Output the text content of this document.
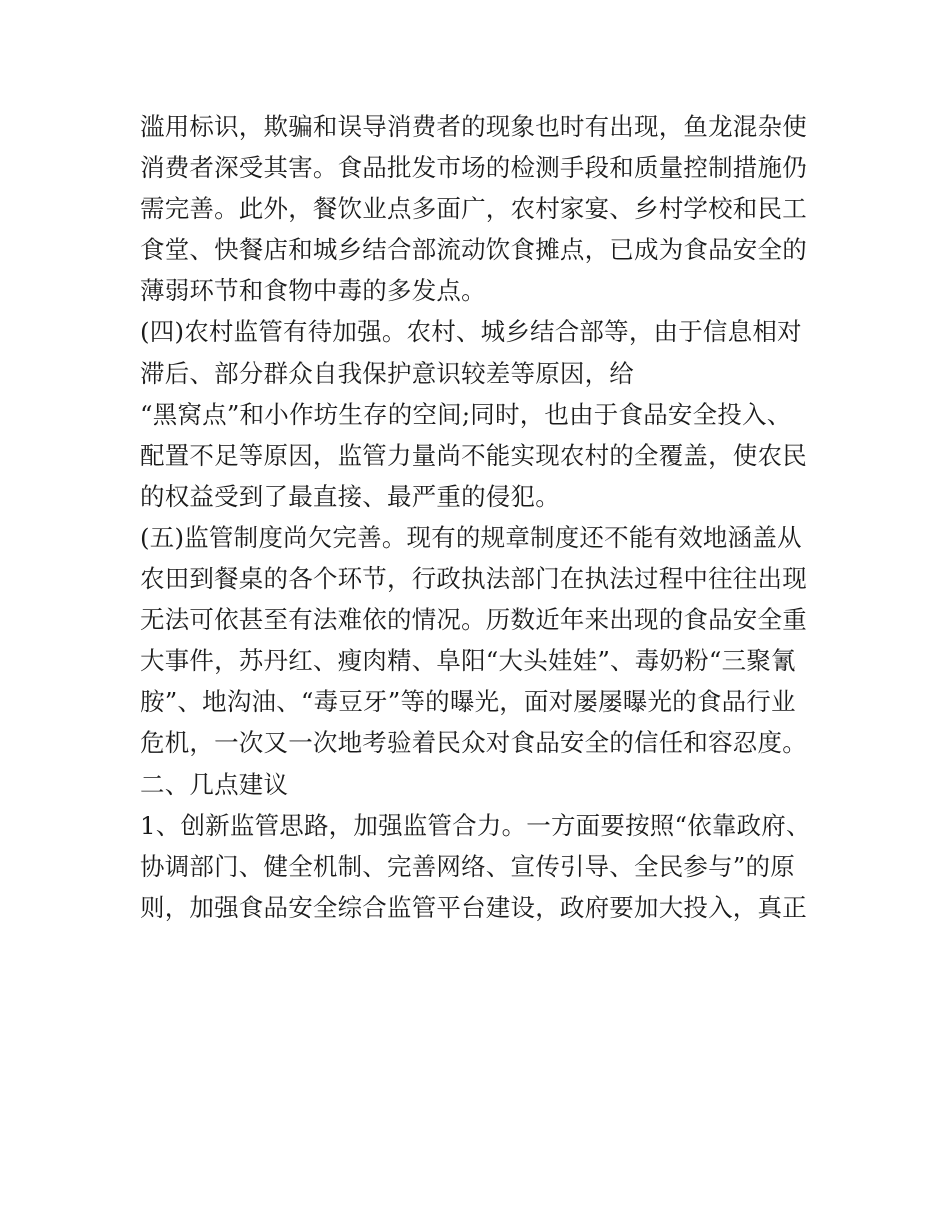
滥用标识，欺骗和误导消费者的现象也时有出现，鱼龙混杂使
消费者深受其害。食品批发市场的检测手段和质量控制措施仍
需完善。此外，餐饮业点多面广，农村家宴、乡村学校和民工
食堂、快餐店和城乡结合部流动饮食摊点，已成为食品安全的
薄弱环节和食物中毒的多发点。
(四)农村监管有待加强。农村、城乡结合部等，由于信息相对
滞后、部分群众自我保护意识较差等原因，给
“黑窝点”和小作坊生存的空间;同时，也由于食品安全投入、
配置不足等原因，监管力量尚不能实现农村的全覆盖，使农民
的权益受到了最直接、最严重的侵犯。
(五)监管制度尚欠完善。现有的规章制度还不能有效地涵盖从
农田到餐桌的各个环节，行政执法部门在执法过程中往往出现
无法可依甚至有法难依的情况。历数近年来出现的食品安全重
大事件，苏丹红、瘦肉精、阜阳“大头娃娃”、毒奶粉“三聚氰
胺”、地沟油、“毒豆牙”等的曝光，面对屡屡曝光的食品行业
危机，一次又一次地考验着民众对食品安全的信任和容忍度。
二、几点建议
1、创新监管思路，加强监管合力。一方面要按照“依靠政府、
协调部门、健全机制、完善网络、宣传引导、全民参与”的原
则，加强食品安全综合监管平台建设，政府要加大投入，真正
